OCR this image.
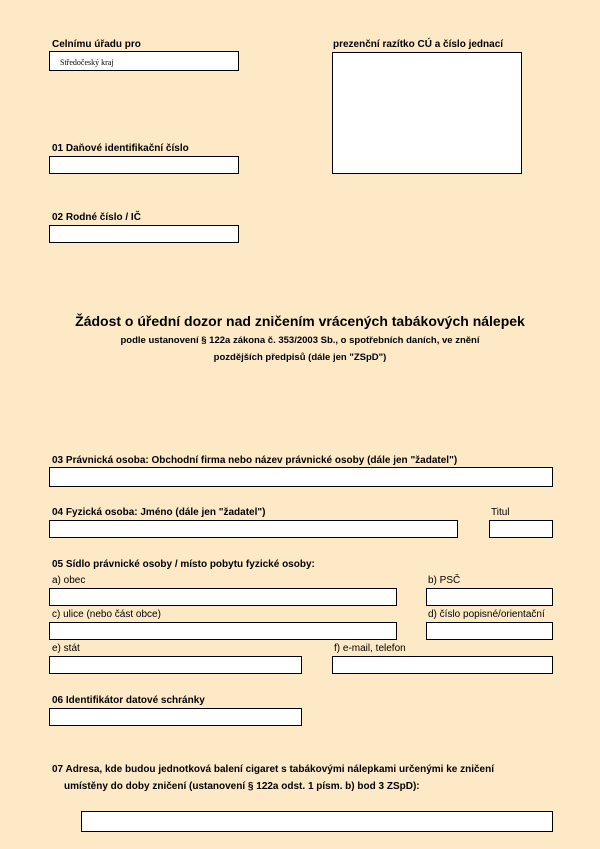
Celnímu úřadu pro
Středočeský kraj	prezenční razítko CÚ a číslo jednací
01 Daňové identifikační číslo
02 Rodné číslo / IČ
Žádost o úřední dozor nad zničením vrácených tabákových nálepek
podle ustanovení § 122a zákona č. 353/2003 Sb., o spotřebních daních, ve znění
pozdějších předpisů (dále jen "ZSpD")
03 Právnická osoba: Obchodní firma nebo název právnické osoby (dále jen "žadatel")
04 Fyzická osoba: Jméno (dále jen "žadatel")	Titul
05 Sídlo právnické osoby / místo pobytu fyzické osoby:
a) obec	b) PSČ
c) ulice (nebo část obce)	d) číslo popisné/orientační
e) stát	f) e-mail, telefon
06 Identifikátor datové schránky
07 Adresa, kde budou jednotková balení cigaret s tabákovými nálepkami určenými ke zničení
umístěny do doby zničení (ustanovení § 122a odst. 1 písm. b) bod 3 ZSpD):
